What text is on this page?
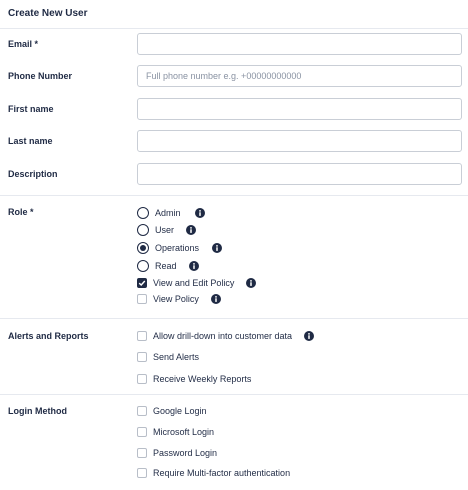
Create New User
Email *
Phone Number
Full phone number e.g. +00000000000
First name
Last name
Description
Role *	Admin
User
Operations
Read
View and Edit Policy
View Policy
Alerts and Reports	Allow drill-down into customer data
Send Alerts
Receive Weekly Reports
Login Method	Google Login
Microsoft Login
Password Login
Require Multi-factor authentication
